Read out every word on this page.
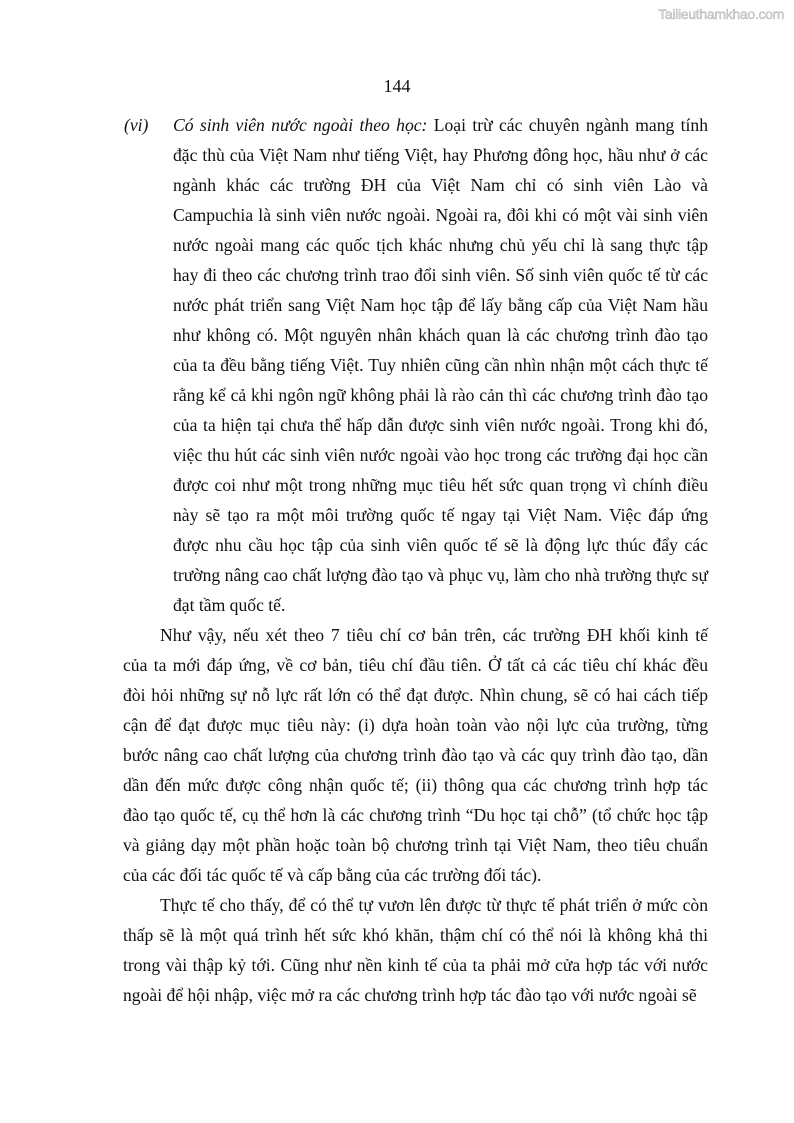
Tailieuthamkhao.com
144
(vi) Có sinh viên nước ngoài theo học: Loại trừ các chuyên ngành mang tính
đặc thù của Việt Nam như tiếng Việt, hay Phương đông học, hầu như ở các
ngành khác các trường ĐH của Việt Nam chỉ có sinh viên Lào và
Campuchia là sinh viên nước ngoài. Ngoài ra, đôi khi có một vài sinh viên
nước ngoài mang các quốc tịch khác nhưng chủ yếu chỉ là sang thực tập
hay đi theo các chương trình trao đổi sinh viên. Số sinh viên quốc tế từ các
nước phát triển sang Việt Nam học tập để lấy bằng cấp của Việt Nam hầu
như không có. Một nguyên nhân khách quan là các chương trình đào tạo
của ta đều bằng tiếng Việt. Tuy nhiên cũng cần nhìn nhận một cách thực tế
rằng kể cả khi ngôn ngữ không phải là rào cản thì các chương trình đào tạo
của ta hiện tại chưa thể hấp dẫn được sinh viên nước ngoài. Trong khi đó,
việc thu hút các sinh viên nước ngoài vào học trong các trường đại học cần
được coi như một trong những mục tiêu hết sức quan trọng vì chính điều
này sẽ tạo ra một môi trường quốc tế ngay tại Việt Nam. Việc đáp ứng
được nhu cầu học tập của sinh viên quốc tế sẽ là động lực thúc đẩy các
trường nâng cao chất lượng đào tạo và phục vụ, làm cho nhà trường thực sự
đạt tầm quốc tế.
Như vậy, nếu xét theo 7 tiêu chí cơ bản trên, các trường ĐH khối kinh tế
của ta mới đáp ứng, về cơ bản, tiêu chí đầu tiên. Ở tất cả các tiêu chí khác đều
đòi hỏi những sự nỗ lực rất lớn có thể đạt được. Nhìn chung, sẽ có hai cách tiếp
cận để đạt được mục tiêu này: (i) dựa hoàn toàn vào nội lực của trường, từng
bước nâng cao chất lượng của chương trình đào tạo và các quy trình đào tạo, dần
dần đến mức được công nhận quốc tế; (ii) thông qua các chương trình hợp tác
đào tạo quốc tế, cụ thể hơn là các chương trình “Du học tại chỗ” (tổ chức học tập
và giảng dạy một phần hoặc toàn bộ chương trình tại Việt Nam, theo tiêu chuẩn
của các đối tác quốc tế và cấp bằng của các trường đối tác).
Thực tế cho thấy, để có thể tự vươn lên được từ thực tế phát triển ở mức còn
thấp sẽ là một quá trình hết sức khó khăn, thậm chí có thể nói là không khả thi
trong vài thập kỷ tới. Cũng như nền kinh tế của ta phải mở cửa hợp tác với nước
ngoài để hội nhập, việc mở ra các chương trình hợp tác đào tạo với nước ngoài sẽ
